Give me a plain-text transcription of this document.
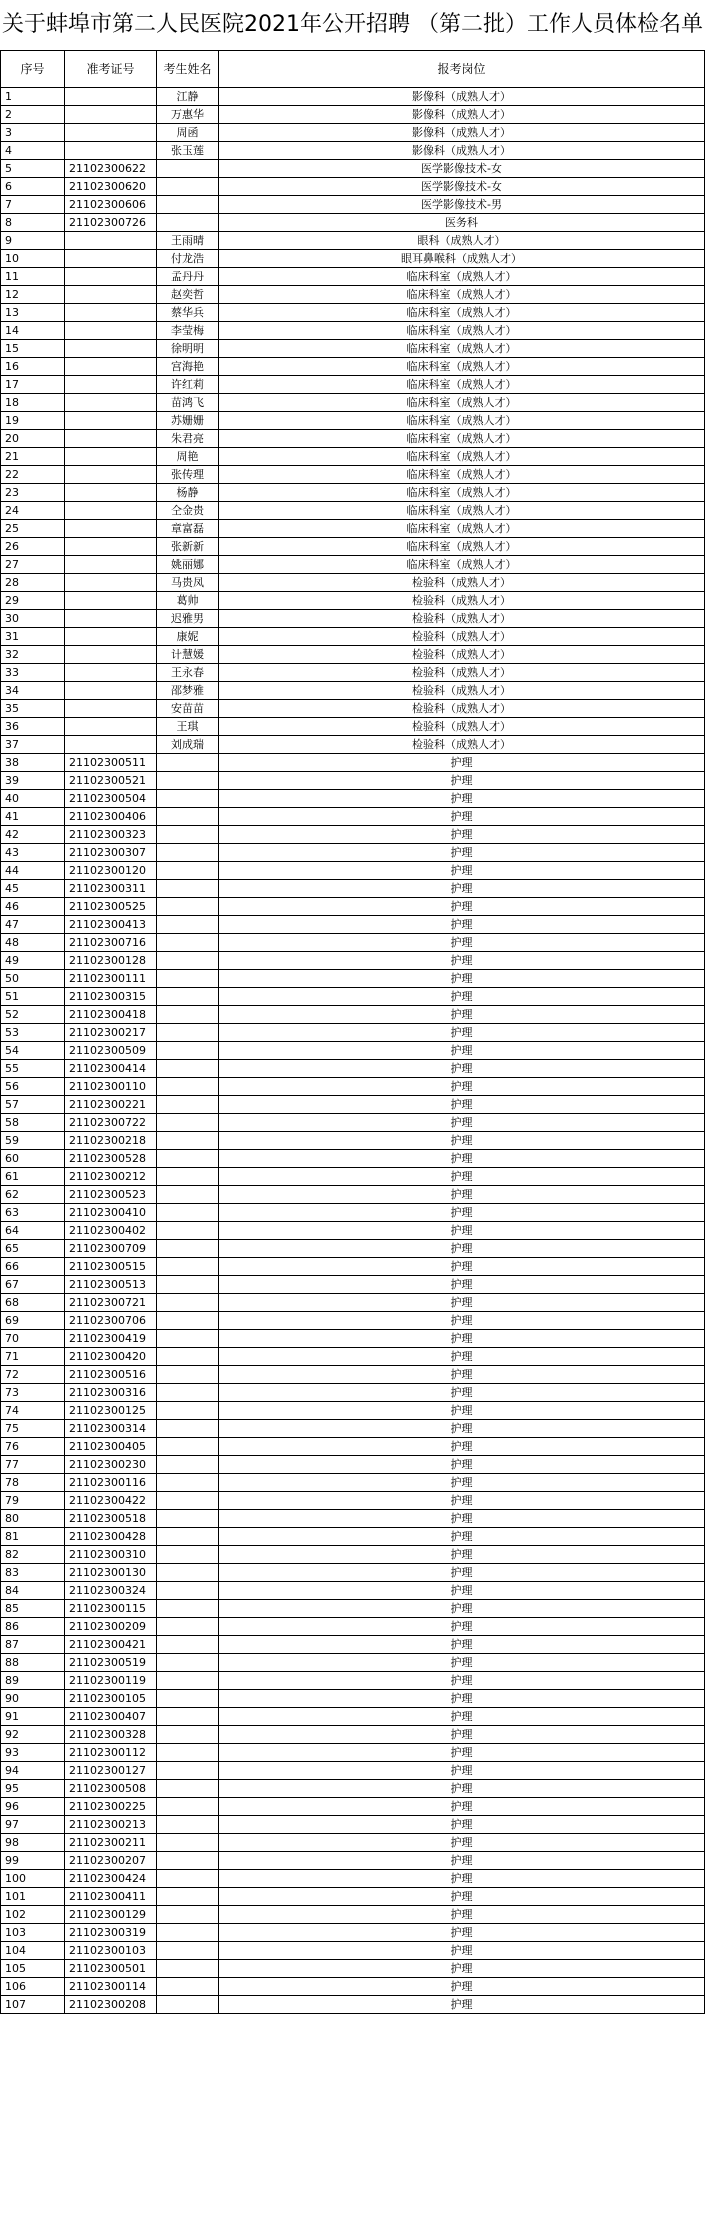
关于蚌埠市第二人民医院2021年公开招聘 （第二批）工作人员体检名单
序号	准考证号	考生姓名	报考岗位
1		江静	影像科（成熟人才）
2		万惠华	影像科（成熟人才）
3		周函	影像科（成熟人才）
4		张玉莲	影像科（成熟人才）
5	21102300622		医学影像技术-女
6	21102300620		医学影像技术-女
7	21102300606		医学影像技术-男
8	21102300726		医务科
9		王雨晴	眼科（成熟人才）
10		付龙浩	眼耳鼻喉科（成熟人才）
11		孟丹丹	临床科室（成熟人才）
12		赵奕哲	临床科室（成熟人才）
13		蔡华兵	临床科室（成熟人才）
14		李莹梅	临床科室（成熟人才）
15		徐明明	临床科室（成熟人才）
16		宫海艳	临床科室（成熟人才）
17		许红莉	临床科室（成熟人才）
18		苗鸿飞	临床科室（成熟人才）
19		苏姗姗	临床科室（成熟人才）
20		朱君亮	临床科室（成熟人才）
21		周艳	临床科室（成熟人才）
22		张传理	临床科室（成熟人才）
23		杨静	临床科室（成熟人才）
24		仝金贵	临床科室（成熟人才）
25		章富磊	临床科室（成熟人才）
26		张新新	临床科室（成熟人才）
27		姚丽娜	临床科室（成熟人才）
28		马贵凤	检验科（成熟人才）
29		葛帅	检验科（成熟人才）
30		迟雅男	检验科（成熟人才）
31		康妮	检验科（成熟人才）
32		计慧媛	检验科（成熟人才）
33		王永春	检验科（成熟人才）
34		邵梦雅	检验科（成熟人才）
35		安苗苗	检验科（成熟人才）
36		王琪	检验科（成熟人才）
37		刘成瑞	检验科（成熟人才）
38	21102300511		护理
39	21102300521		护理
40	21102300504		护理
41	21102300406		护理
42	21102300323		护理
43	21102300307		护理
44	21102300120		护理
45	21102300311		护理
46	21102300525		护理
47	21102300413		护理
48	21102300716		护理
49	21102300128		护理
50	21102300111		护理
51	21102300315		护理
52	21102300418		护理
53	21102300217		护理
54	21102300509		护理
55	21102300414		护理
56	21102300110		护理
57	21102300221		护理
58	21102300722		护理
59	21102300218		护理
60	21102300528		护理
61	21102300212		护理
62	21102300523		护理
63	21102300410		护理
64	21102300402		护理
65	21102300709		护理
66	21102300515		护理
67	21102300513		护理
68	21102300721		护理
69	21102300706		护理
70	21102300419		护理
71	21102300420		护理
72	21102300516		护理
73	21102300316		护理
74	21102300125		护理
75	21102300314		护理
76	21102300405		护理
77	21102300230		护理
78	21102300116		护理
79	21102300422		护理
80	21102300518		护理
81	21102300428		护理
82	21102300310		护理
83	21102300130		护理
84	21102300324		护理
85	21102300115		护理
86	21102300209		护理
87	21102300421		护理
88	21102300519		护理
89	21102300119		护理
90	21102300105		护理
91	21102300407		护理
92	21102300328		护理
93	21102300112		护理
94	21102300127		护理
95	21102300508		护理
96	21102300225		护理
97	21102300213		护理
98	21102300211		护理
99	21102300207		护理
100	21102300424		护理
101	21102300411		护理
102	21102300129		护理
103	21102300319		护理
104	21102300103		护理
105	21102300501		护理
106	21102300114		护理
107	21102300208		护理
